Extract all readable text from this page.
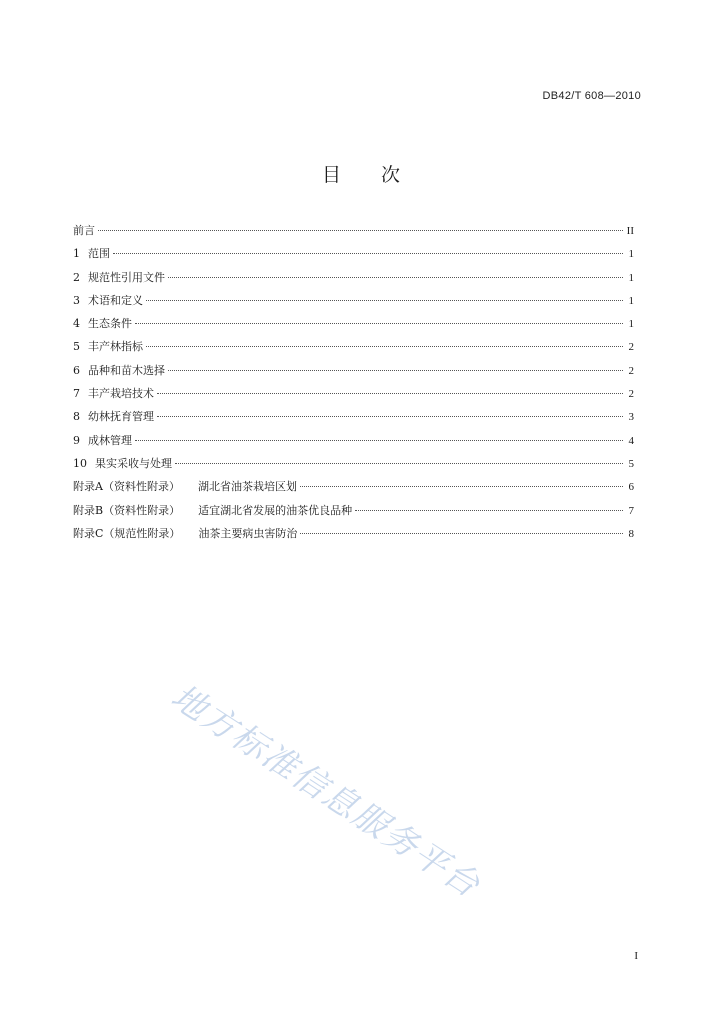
DB42/T 608—2010
目 次
前言	II
1 范围	1
2 规范性引用文件	1
3 术语和定义	1
4 生态条件	1
5 丰产林指标	2
6 品种和苗木选择	2
7 丰产栽培技术	2
8 幼林抚育管理	3
9 成林管理	4
10 果实采收与处理	5
附录A（资料性附录） 湖北省油茶栽培区划	6
附录B（资料性附录） 适宜湖北省发展的油茶优良品种	7
附录C（规范性附录） 油茶主要病虫害防治	8
地方标准信息服务平台
I
